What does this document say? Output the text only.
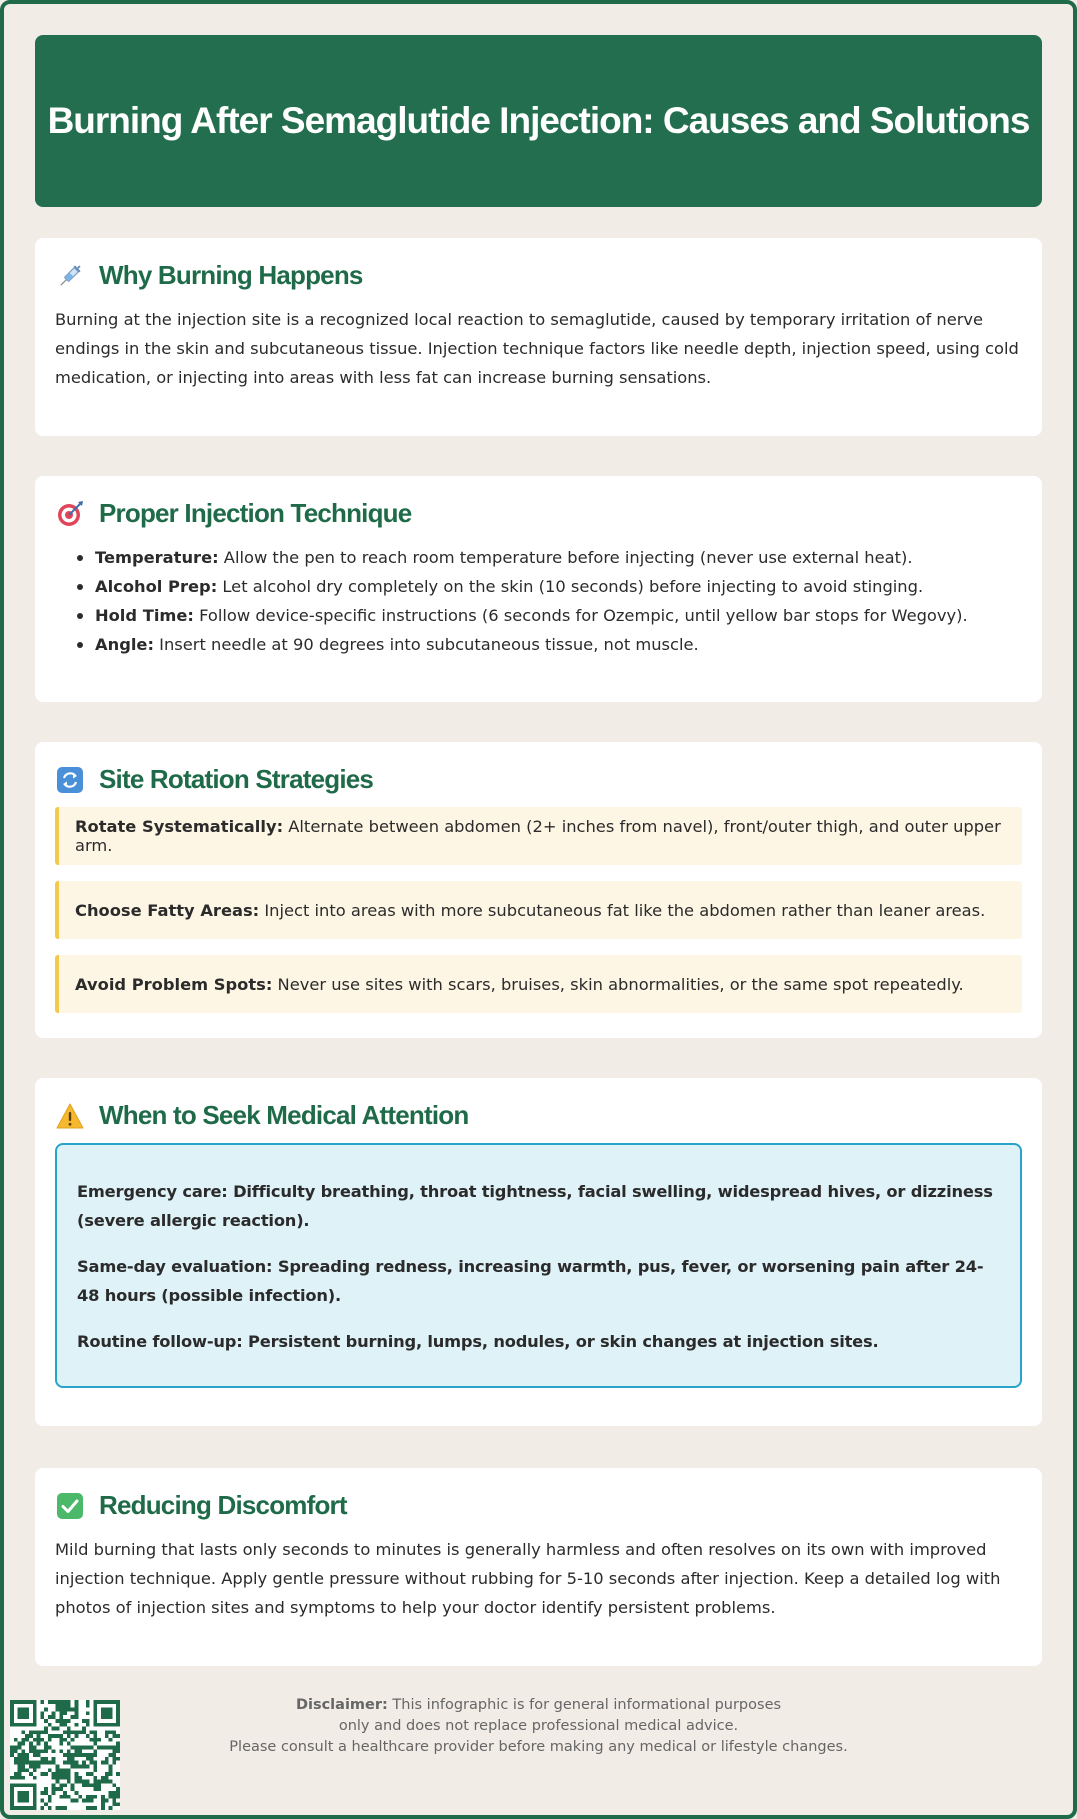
Burning After Semaglutide Injection: Causes and Solutions
Why Burning Happens

Burning at the injection site is a recognized local reaction to semaglutide, caused by temporary irritation of nerve endings in the skin and subcutaneous tissue. Injection technique factors like needle depth, injection speed, using cold medication, or injecting into areas with less fat can increase burning sensations.

Proper Injection Technique
Temperature: Allow the pen to reach room temperature before injecting (never use external heat).
Alcohol Prep: Let alcohol dry completely on the skin (10 seconds) before injecting to avoid stinging.
Hold Time: Follow device-specific instructions (6 seconds for Ozempic, until yellow bar stops for Wegovy).
Angle: Insert needle at 90 degrees into subcutaneous tissue, not muscle.
Site Rotation Strategies
Rotate Systematically: Alternate between abdomen (2+ inches from navel), front/outer thigh, and outer upper arm.
Choose Fatty Areas: Inject into areas with more subcutaneous fat like the abdomen rather than leaner areas.
Avoid Problem Spots: Never use sites with scars, bruises, skin abnormalities, or the same spot repeatedly.
When to Seek Medical Attention

Emergency care: Difficulty breathing, throat tightness, facial swelling, widespread hives, or dizziness (severe allergic reaction).

Same-day evaluation: Spreading redness, increasing warmth, pus, fever, or worsening pain after 24-48 hours (possible infection).

Routine follow-up: Persistent burning, lumps, nodules, or skin changes at injection sites.

Reducing Discomfort

Mild burning that lasts only seconds to minutes is generally harmless and often resolves on its own with improved injection technique. Apply gentle pressure without rubbing for 5-10 seconds after injection. Keep a detailed log with photos of injection sites and symptoms to help your doctor identify persistent problems.

Disclaimer: This infographic is for general informational purposes
only and does not replace professional medical advice.
Please consult a healthcare provider before making any medical or lifestyle changes.
